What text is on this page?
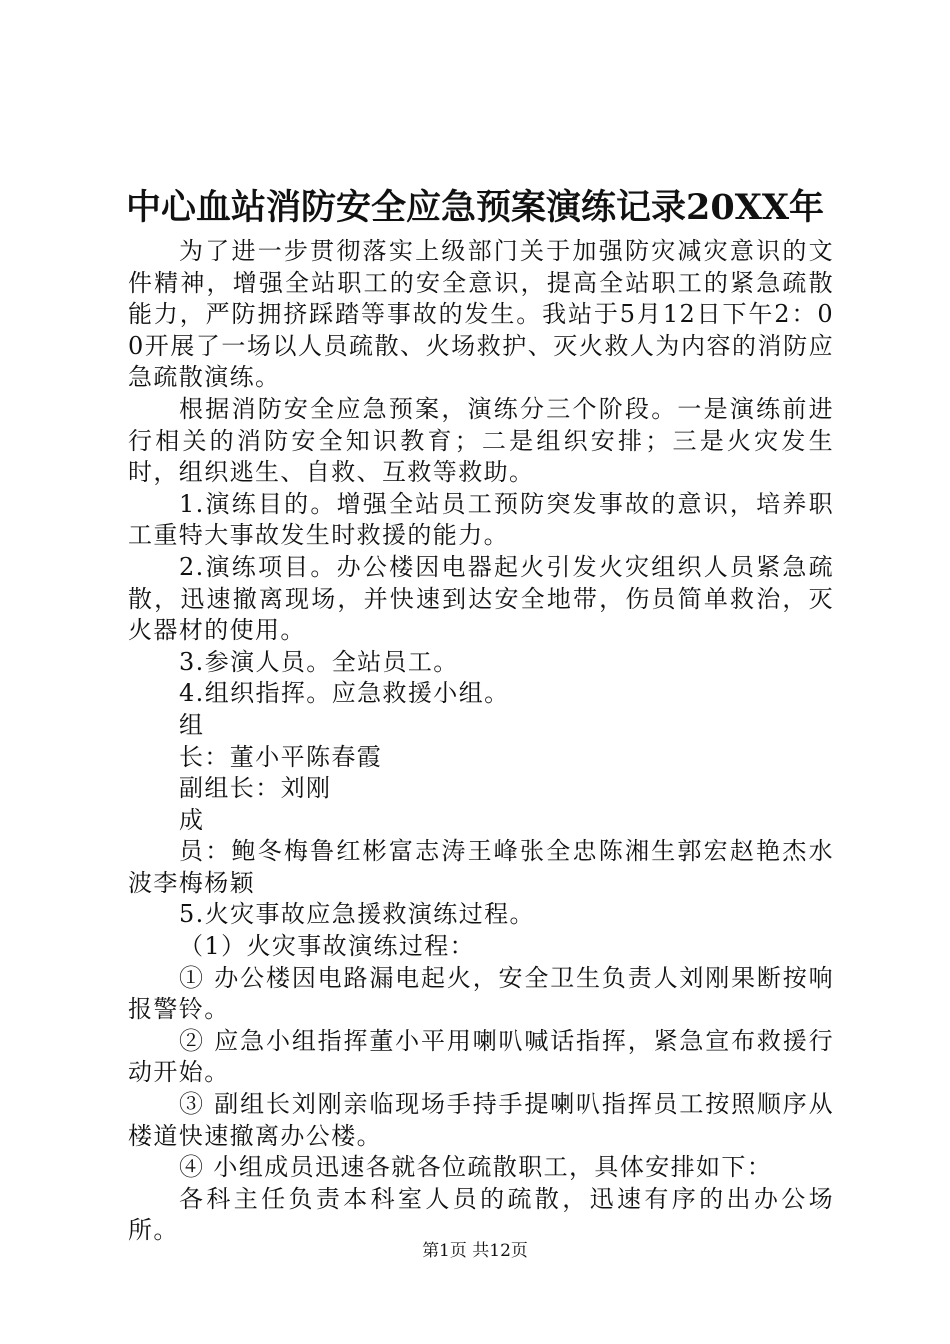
中心血站消防安全应急预案演练记录20XX年

为了进一步贯彻落实上级部门关于加强防灾减灾意识的文件精神，增强全站职工的安全意识，提高全站职工的紧急疏散能力，严防拥挤踩踏等事故的发生。我站于5月12日下午2：00开展了一场以人员疏散、火场救护、灭火救人为内容的消防应急疏散演练。

根据消防安全应急预案，演练分三个阶段。一是演练前进行相关的消防安全知识教育；二是组织安排；三是火灾发生时，组织逃生、自救、互救等救助。

1.演练目的。增强全站员工预防突发事故的意识，培养职工重特大事故发生时救援的能力。

2.演练项目。办公楼因电器起火引发火灾组织人员紧急疏散，迅速撤离现场，并快速到达安全地带，伤员简单救治，灭火器材的使用。

3.参演人员。全站员工。

4.组织指挥。应急救援小组。

组

长：董小平陈春霞

副组长：刘刚

成

员：鲍冬梅鲁红彬富志涛王峰张全忠陈湘生郭宏赵艳杰水波李梅杨颖

5.火灾事故应急援救演练过程。

（1）火灾事故演练过程：

① 办公楼因电路漏电起火，安全卫生负责人刘刚果断按响报警铃。

② 应急小组指挥董小平用喇叭喊话指挥，紧急宣布救援行动开始。

③ 副组长刘刚亲临现场手持手提喇叭指挥员工按照顺序从楼道快速撤离办公楼。

④ 小组成员迅速各就各位疏散职工，具体安排如下：

各科主任负责本科室人员的疏散，迅速有序的出办公场所。

第1页 共12页
